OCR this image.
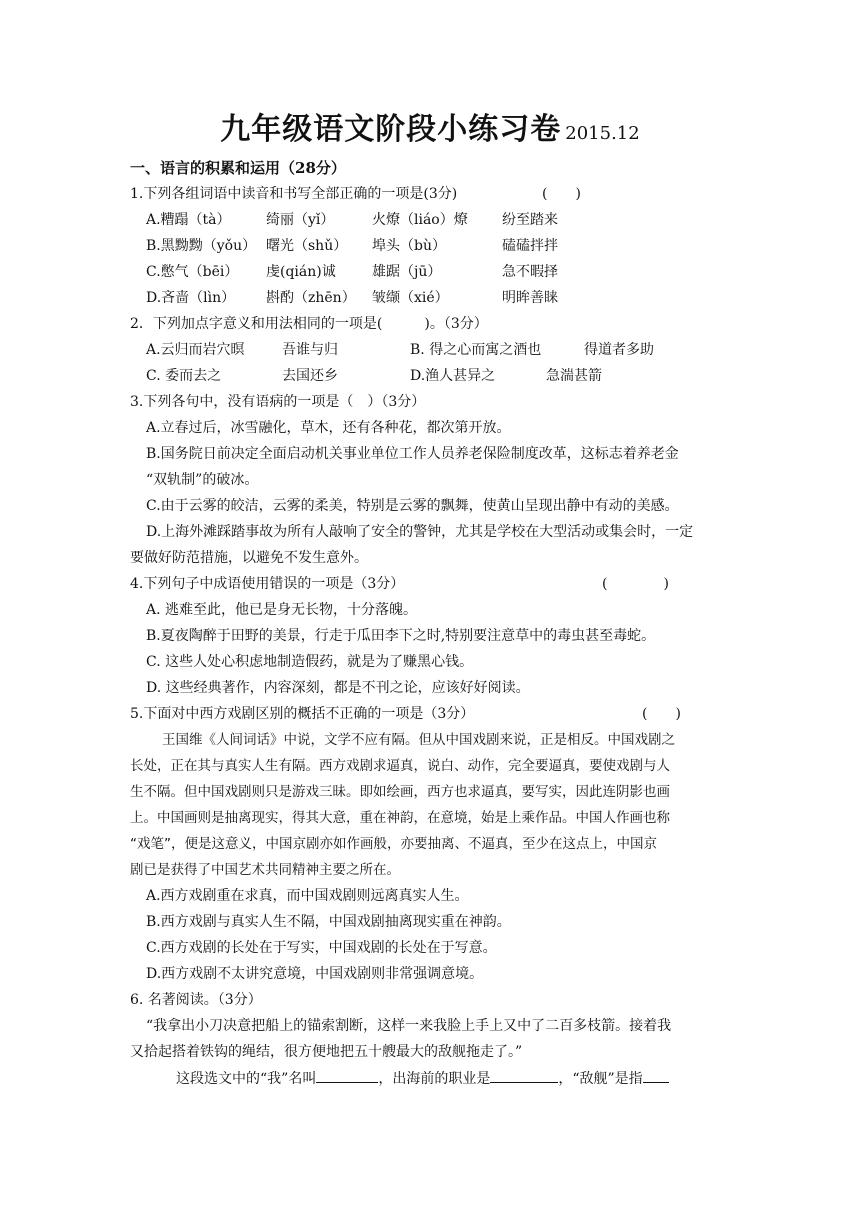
九年级语文阶段小练习卷 2015.12
一、语言的积累和运用（28分）
1.下列各组词语中读音和书写全部正确的一项是(3分)	(　　)
A.糟蹋（tà）	绮丽（yǐ）	火燎（liáo）燎 纷至踏来
B.黑黝黝（yǒu） 曙光（shǔ） 埠头（bù）	磕磕拌拌
C.憋气（bēi） 虔(qián)诚	雄踞（jū）	急不暇择
D.吝啬（lìn） 斟酌（zhēn） 皱缬（xié）	明眸善睐
2．下列加点字意义和用法相同的一项是(　　　)。（3分）
A.云归而岩穴暝	吾谁与归	B. 得之心而寓之酒也	得道者多助
C. 委而去之	去国还乡	D.渔人甚异之	急湍甚箭
3.下列各句中，没有语病的一项是（　）（3分）
A.立春过后，冰雪融化，草木，还有各种花，都次第开放。
B.国务院日前决定全面启动机关事业单位工作人员养老保险制度改革，这标志着养老金
“双轨制”的破冰。
C.由于云雾的皎洁，云雾的柔美，特别是云雾的飘舞，使黄山呈现出静中有动的美感。
D.上海外滩踩踏事故为所有人敲响了安全的警钟，尤其是学校在大型活动或集会时，一定
要做好防范措施，以避免不发生意外。
4.下列句子中成语使用错误的一项是（3分）	(　　　　)
A. 逃难至此，他已是身无长物，十分落魄。
B.夏夜陶醉于田野的美景，行走于瓜田李下之时,特别要注意草中的毒虫甚至毒蛇。
C. 这些人处心积虑地制造假药，就是为了赚黑心钱。
D. 这些经典著作，内容深刻，都是不刊之论，应该好好阅读。
5.下面对中西方戏剧区别的概括不正确的一项是（3分）	(　　)
王国维《人间词话》中说，文学不应有隔。但从中国戏剧来说，正是相反。中国戏剧之
长处，正在其与真实人生有隔。西方戏剧求逼真，说白、动作，完全要逼真，要使戏剧与人
生不隔。但中国戏剧则只是游戏三昧。即如绘画，西方也求逼真，要写实，因此连阴影也画
上。中国画则是抽离现实，得其大意，重在神韵，在意境，始是上乘作品。中国人作画也称
“戏笔”，便是这意义，中国京剧亦如作画般，亦要抽离、不逼真，至少在这点上，中国京
剧已是获得了中国艺术共同精神主要之所在。
A.西方戏剧重在求真，而中国戏剧则远离真实人生。
B.西方戏剧与真实人生不隔，中国戏剧抽离现实重在神韵。
C.西方戏剧的长处在于写实，中国戏剧的长处在于写意。
D.西方戏剧不太讲究意境，中国戏剧则非常强调意境。
6. 名著阅读。（3分）
“我拿出小刀决意把船上的锚索割断，这样一来我脸上手上又中了二百多枝箭。接着我
又拾起搭着铁钩的绳结，很方便地把五十艘最大的敌舰拖走了。”
这段选文中的“我”名叫	，出海前的职业是	，“敌舰”是指
